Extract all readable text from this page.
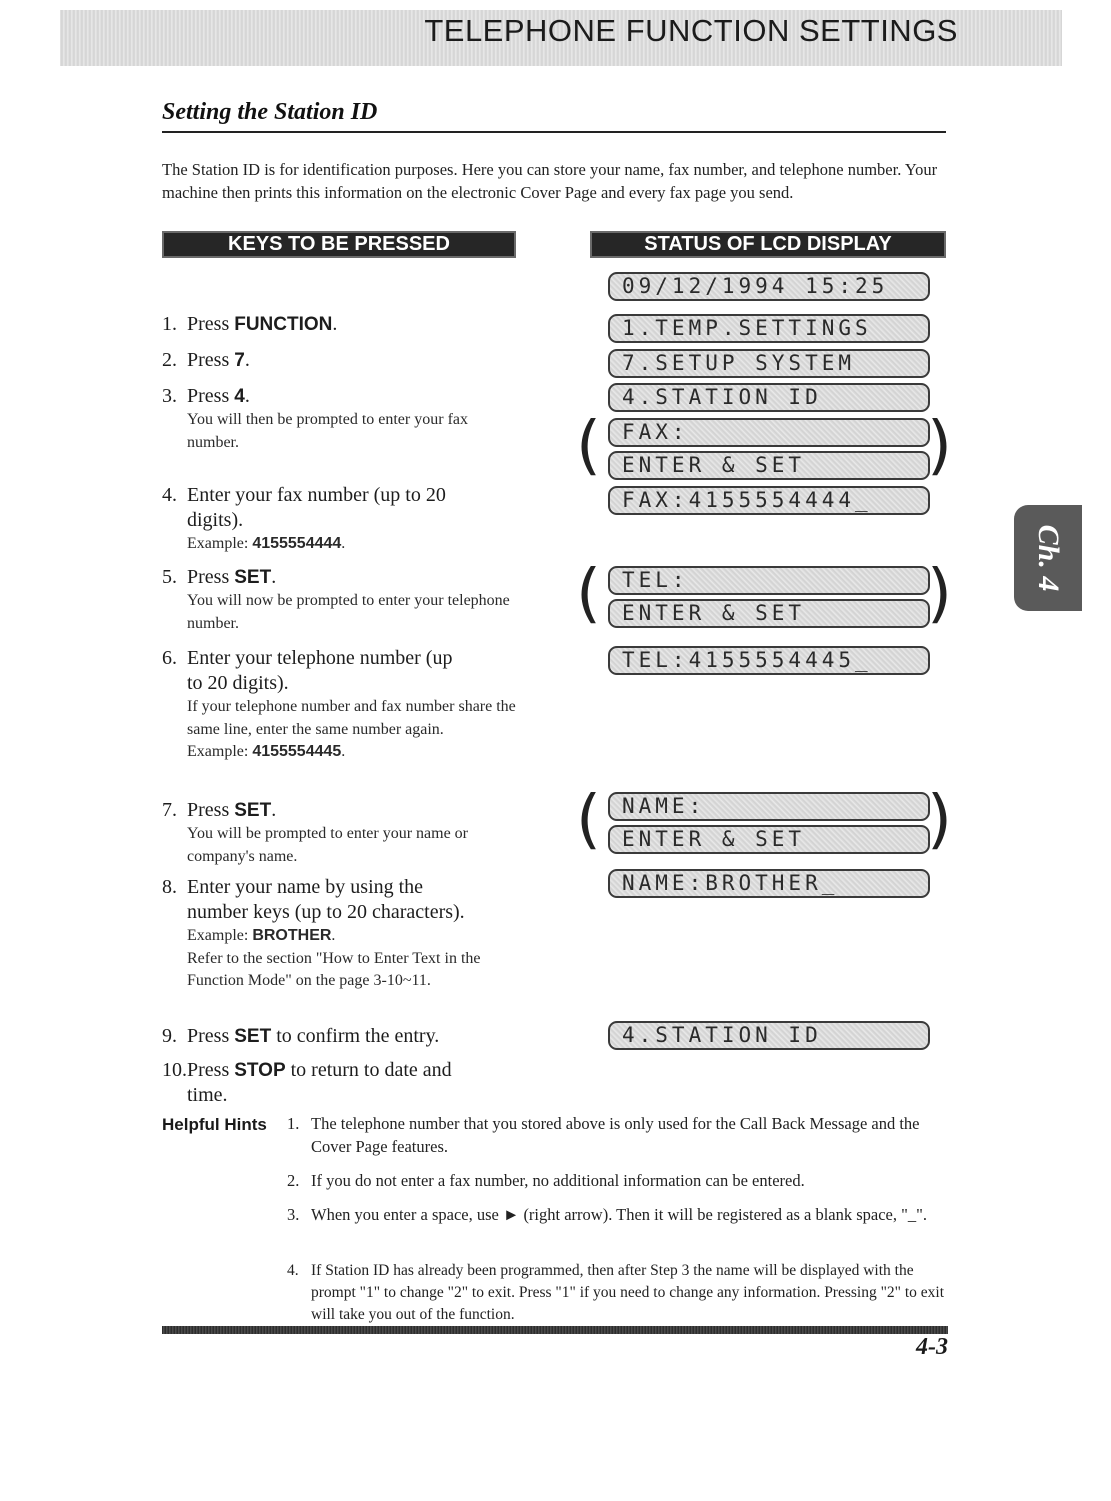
TELEPHONE FUNCTION SETTINGS
Setting the Station ID
The Station ID is for identification purposes. Here you can store your name, fax number, and telephone number. Your machine then prints this information on the electronic Cover Page and every fax page you send.
KEYS TO BE PRESSED	STATUS OF LCD DISPLAY
1. Press FUNCTION.
2. Press 7.
3. Press 4.
You will then be prompted to enter your fax number.
4. Enter your fax number (up to 20
digits).
Example: 4155554444.
5. Press SET.
You will now be prompted to enter your telephone number.
6. Enter your telephone number (up
to 20 digits).
If your telephone number and fax number share the same line, enter the same number again.
Example: 4155554445.
7. Press SET.
You will be prompted to enter your name or company's name.
8. Enter your name by using the
number keys (up to 20 characters).
Example: BROTHER.
Refer to the section "How to Enter Text in the Function Mode" on the page 3-10~11.
9. Press SET to confirm the entry.
10. Press STOP to return to date and
time.
09/12/1994 15:25
1.TEMP.SETTINGS
7.SETUP SYSTEM
4.STATION ID
FAX:
ENTER & SET
FAX:4155554444_
(	)
TEL:
ENTER & SET
TEL:4155554445_
(	)
NAME:
ENTER & SET
NAME:BROTHER_
(	)
4.STATION ID
Helpful Hints 1. The telephone number that you stored above is only used for the Call Back Message and the Cover Page features.
2. If you do not enter a fax number, no additional information can be entered.
3. When you enter a space, use ► (right arrow). Then it will be registered as a blank space, "_".
4. If Station ID has already been programmed, then after Step 3 the name will be displayed with the prompt "1" to change "2" to exit. Press "1" if you need to change any information. Pressing "2" to exit will take you out of the function.
4-3
Ch. 4
